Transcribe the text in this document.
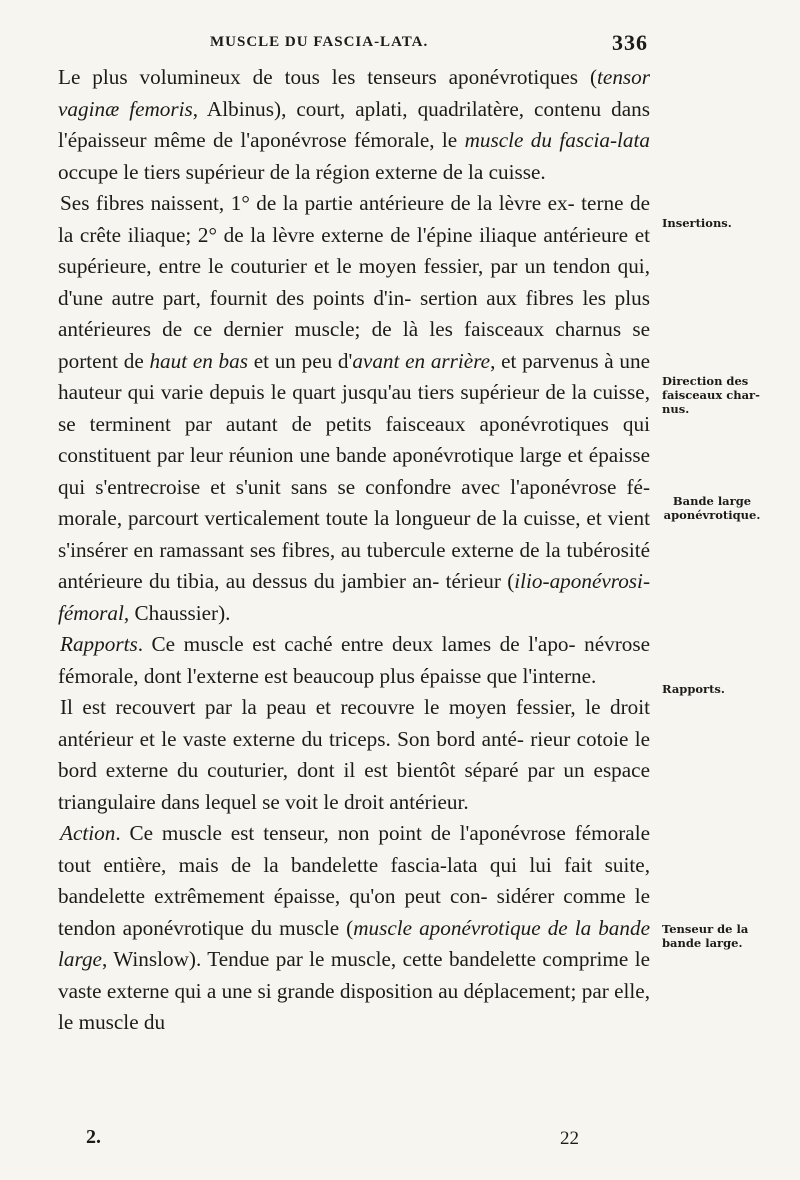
MUSCLE DU FASCIA-LATA.	336

Le plus volumineux de tous les tenseurs aponévrotiques (tensor vaginæ femoris, Albinus), court, aplati, quadrilatère, contenu dans l'épaisseur même de l'aponévrose fémorale, le muscle du fascia-lata occupe le tiers supérieur de la région externe de la cuisse.

Ses fibres naissent, 1° de la partie antérieure de la lèvre ex- terne de la crête iliaque; 2° de la lèvre externe de l'épine iliaque antérieure et supérieure, entre le couturier et le moyen fessier, par un tendon qui, d'une autre part, fournit des points d'in- sertion aux fibres les plus antérieures de ce dernier muscle; de là les faisceaux charnus se portent de haut en bas et un peu d'avant en arrière, et parvenus à une hauteur qui varie depuis le quart jusqu'au tiers supérieur de la cuisse, se terminent par autant de petits faisceaux aponévrotiques qui constituent par leur réunion une bande aponévrotique large et épaisse qui s'entrecroise et s'unit sans se confondre avec l'aponévrose fé- morale, parcourt verticalement toute la longueur de la cuisse, et vient s'insérer en ramassant ses fibres, au tubercule externe de la tubérosité antérieure du tibia, au dessus du jambier an- térieur (ilio-aponévrosi-fémoral, Chaussier).

Rapports. Ce muscle est caché entre deux lames de l'apo- névrose fémorale, dont l'externe est beaucoup plus épaisse que l'interne.

Il est recouvert par la peau et recouvre le moyen fessier, le droit antérieur et le vaste externe du triceps. Son bord anté- rieur cotoie le bord externe du couturier, dont il est bientôt séparé par un espace triangulaire dans lequel se voit le droit antérieur.

Action. Ce muscle est tenseur, non point de l'aponévrose fémorale tout entière, mais de la bandelette fascia-lata qui lui fait suite, bandelette extrêmement épaisse, qu'on peut con- sidérer comme le tendon aponévrotique du muscle (muscle aponévrotique de la bande large, Winslow). Tendue par le muscle, cette bandelette comprime le vaste externe qui a une si grande disposition au déplacement; par elle, le muscle du

Insertions.
Direction des faisceaux char- nus.
Bande large aponévrotique.
Rapports.
Tenseur de la bande large.
2.	22
